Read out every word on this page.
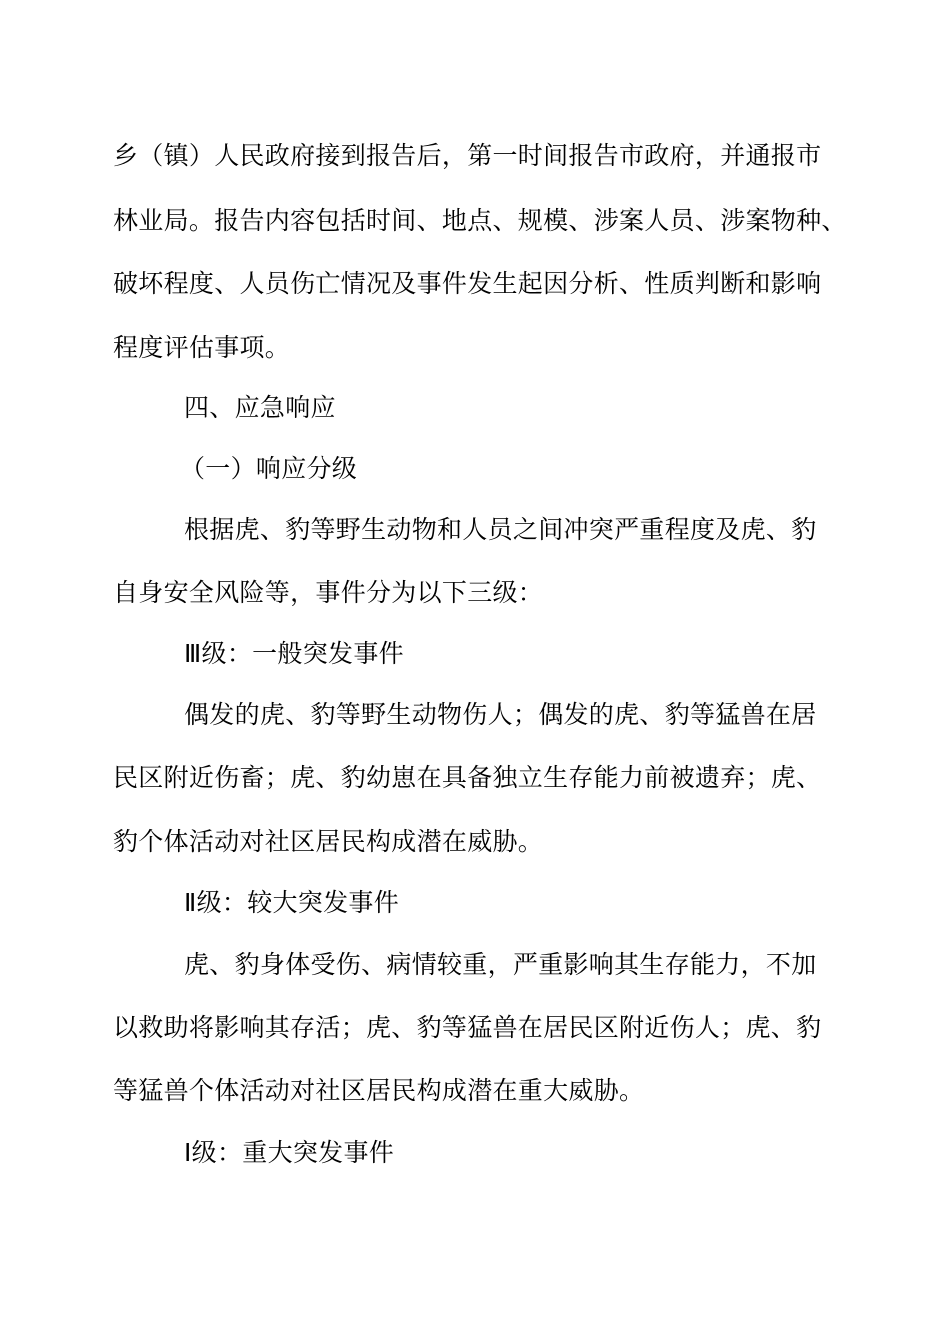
乡（镇）人民政府接到报告后，第一时间报告市政府，并通报市
林业局。报告内容包括时间、地点、规模、涉案人员、涉案物种、
破坏程度、人员伤亡情况及事件发生起因分析、性质判断和影响
程度评估事项。
四、应急响应
（一）响应分级
根据虎、豹等野生动物和人员之间冲突严重程度及虎、豹
自身安全风险等，事件分为以下三级：
Ⅲ级：一般突发事件
偶发的虎、豹等野生动物伤人；偶发的虎、豹等猛兽在居
民区附近伤畜；虎、豹幼崽在具备独立生存能力前被遗弃；虎、
豹个体活动对社区居民构成潜在威胁。
Ⅱ级：较大突发事件
虎、豹身体受伤、病情较重，严重影响其生存能力，不加
以救助将影响其存活；虎、豹等猛兽在居民区附近伤人；虎、豹
等猛兽个体活动对社区居民构成潜在重大威胁。
Ⅰ级：重大突发事件
